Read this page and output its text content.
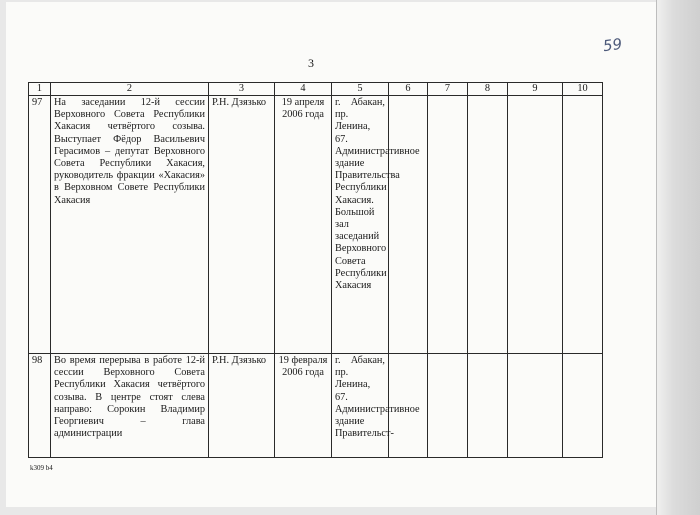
3
59
1	2	3	4	5	6	7	8	9	10
97	На заседании 12-й сессии Верховного Совета Республики Хакасия четвёртого созыва. Выступает Фёдор Васильевич Герасимов – депутат Верховного Совета Республики Хакасия, руководитель фракции «Хакасия» в Верховном Совете Республики Хакасия	Р.Н. Дзязько	19 апреля 2006 года	г. Абакан, пр. Ленина, 67. Административное здание Правительства Республики Хакасия. Большой зал заседаний Верховного Совета Республики Хакасия					
98	Во время перерыва в работе 12-й сессии Верховного Совета Республики Хакасия четвёртого созыва. В центре стоят слева направо: Сорокин Владимир Георгиевич – глава администрации	Р.Н. Дзязько	19 февраля 2006 года	г. Абакан, пр. Ленина, 67. Административное здание Правительст-					
k309 b4
